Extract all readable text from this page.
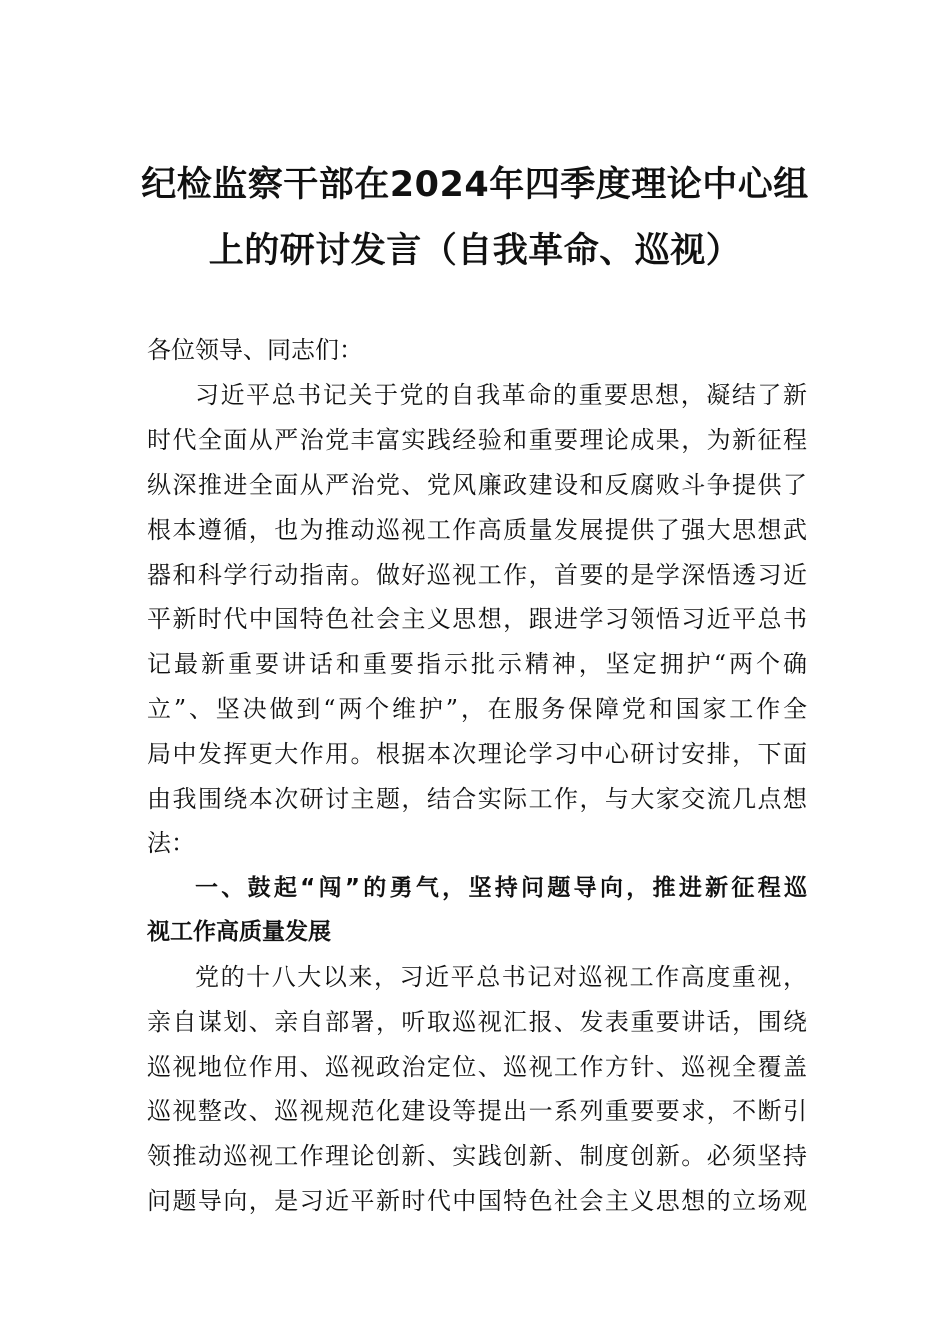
纪检监察干部在2024年四季度理论中心组
上的研讨发言（自我革命、巡视）
各位领导、同志们：
习近平总书记关于党的自我革命的重要思想，凝结了新
时代全面从严治党丰富实践经验和重要理论成果，为新征程
纵深推进全面从严治党、党风廉政建设和反腐败斗争提供了
根本遵循，也为推动巡视工作高质量发展提供了强大思想武
器和科学行动指南。做好巡视工作，首要的是学深悟透习近
平新时代中国特色社会主义思想，跟进学习领悟习近平总书
记最新重要讲话和重要指示批示精神，坚定拥护“两个确
立”、坚决做到“两个维护”，在服务保障党和国家工作全
局中发挥更大作用。根据本次理论学习中心研讨安排，下面
由我围绕本次研讨主题，结合实际工作，与大家交流几点想
法：
一、鼓起“闯”的勇气，坚持问题导向，推进新征程巡
视工作高质量发展
党的十八大以来，习近平总书记对巡视工作高度重视，
亲自谋划、亲自部署，听取巡视汇报、发表重要讲话，围绕
巡视地位作用、巡视政治定位、巡视工作方针、巡视全覆盖
巡视整改、巡视规范化建设等提出一系列重要要求，不断引
领推动巡视工作理论创新、实践创新、制度创新。必须坚持
问题导向，是习近平新时代中国特色社会主义思想的立场观
